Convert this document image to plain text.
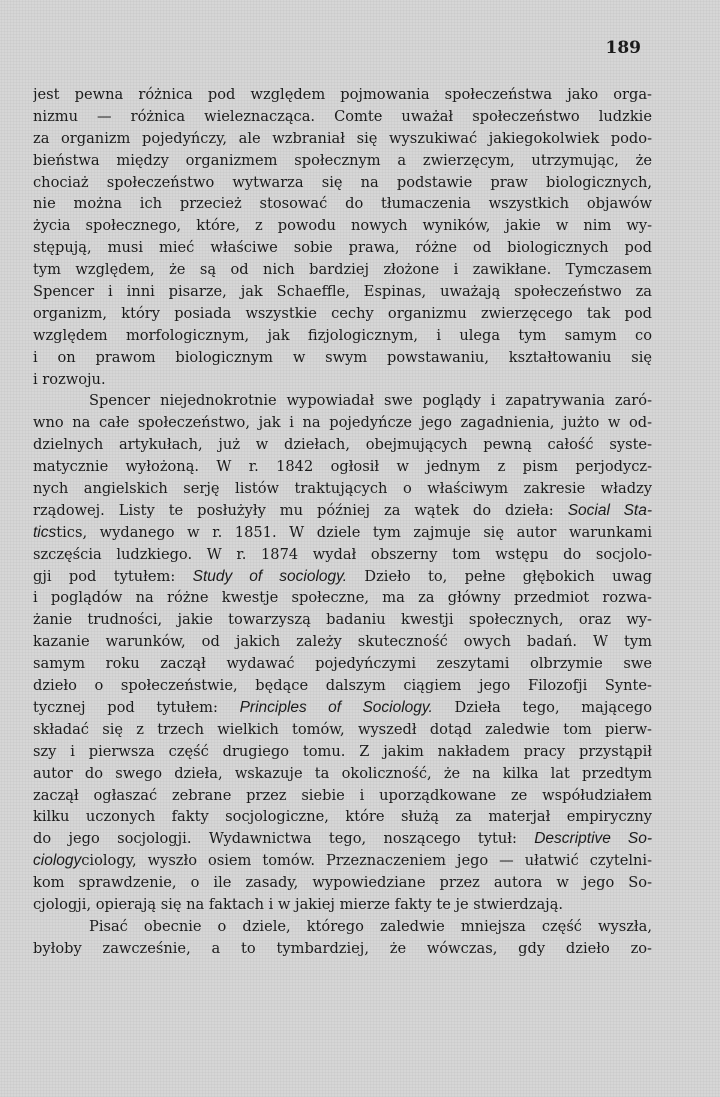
189
jest pewna różnica pod względem pojmowania społeczeństwa jako orga-
nizmu — różnica wieleznacząca. Comte uważał społeczeństwo ludzkie
za organizm pojedyńczy, ale wzbraniał się wyszukiwać jakiegokolwiek podo-
bieństwa między organizmem społecznym a zwierzęcym, utrzymując, że
chociaż społeczeństwo wytwarza się na podstawie praw biologicznych,
nie można ich przecież stosować do tłumaczenia wszystkich objawów
życia społecznego, które, z powodu nowych wyników, jakie w nim wy-
stępują, musi mieć właściwe sobie prawa, różne od biologicznych pod
tym względem, że są od nich bardziej złożone i zawikłane. Tymczasem
Spencer i inni pisarze, jak Schaeffle, Espinas, uważają społeczeństwo za
organizm, który posiada wszystkie cechy organizmu zwierzęcego tak pod
względem morfologicznym, jak fizjologicznym, i ulega tym samym co
i on prawom biologicznym w swym powstawaniu, kształtowaniu się
i rozwoju.
Spencer niejednokrotnie wypowiadał swe poglądy i zapatrywania zaró-
wno na całe społeczeństwo, jak i na pojedyńcze jego zagadnienia, jużto w od-
dzielnych artykułach, już w dziełach, obejmujących pewną całość syste-
matycznie wyłożoną. W r. 1842 ogłosił w jednym z pism perjodycz-
nych angielskich serję listów traktujących o właściwym zakresie władzy
rządowej. Listy te posłużyły mu później za wątek do dzieła: Social Sta-
ticstics, wydanego w r. 1851. W dziele tym zajmuje się autor warunkami
szczęścia ludzkiego. W r. 1874 wydał obszerny tom wstępu do socjolo-
gji pod tytułem: Study of sociology. Dzieło to, pełne głębokich uwag
i poglądów na różne kwestje społeczne, ma za główny przedmiot rozwa-
żanie trudności, jakie towarzyszą badaniu kwestji społecznych, oraz wy-
kazanie warunków, od jakich zależy skuteczność owych badań. W tym
samym roku zaczął wydawać pojedyńczymi zeszytami olbrzymie swe
dzieło o społeczeństwie, będące dalszym ciągiem jego Filozofji Synte-
tycznej pod tytułem: Principles of Sociology. Dzieła tego, mającego
składać się z trzech wielkich tomów, wyszedł dotąd zaledwie tom pierw-
szy i pierwsza część drugiego tomu. Z jakim nakładem pracy przystąpił
autor do swego dzieła, wskazuje ta okoliczność, że na kilka lat przedtym
zaczął ogłaszać zebrane przez siebie i uporządkowane ze współudziałem
kilku uczonych fakty socjologiczne, które służą za materjał empiryczny
do jego socjologji. Wydawnictwa tego, noszącego tytuł: Descriptive So-
ciologyciology, wyszło osiem tomów. Przeznaczeniem jego — ułatwić czytelni-
kom sprawdzenie, o ile zasady, wypowiedziane przez autora w jego So-
cjologji, opierają się na faktach i w jakiej mierze fakty te je stwierdzają.
Pisać obecnie o dziele, którego zaledwie mniejsza część wyszła,
byłoby zawcześnie, a to tymbardziej, że wówczas, gdy dzieło zo-
